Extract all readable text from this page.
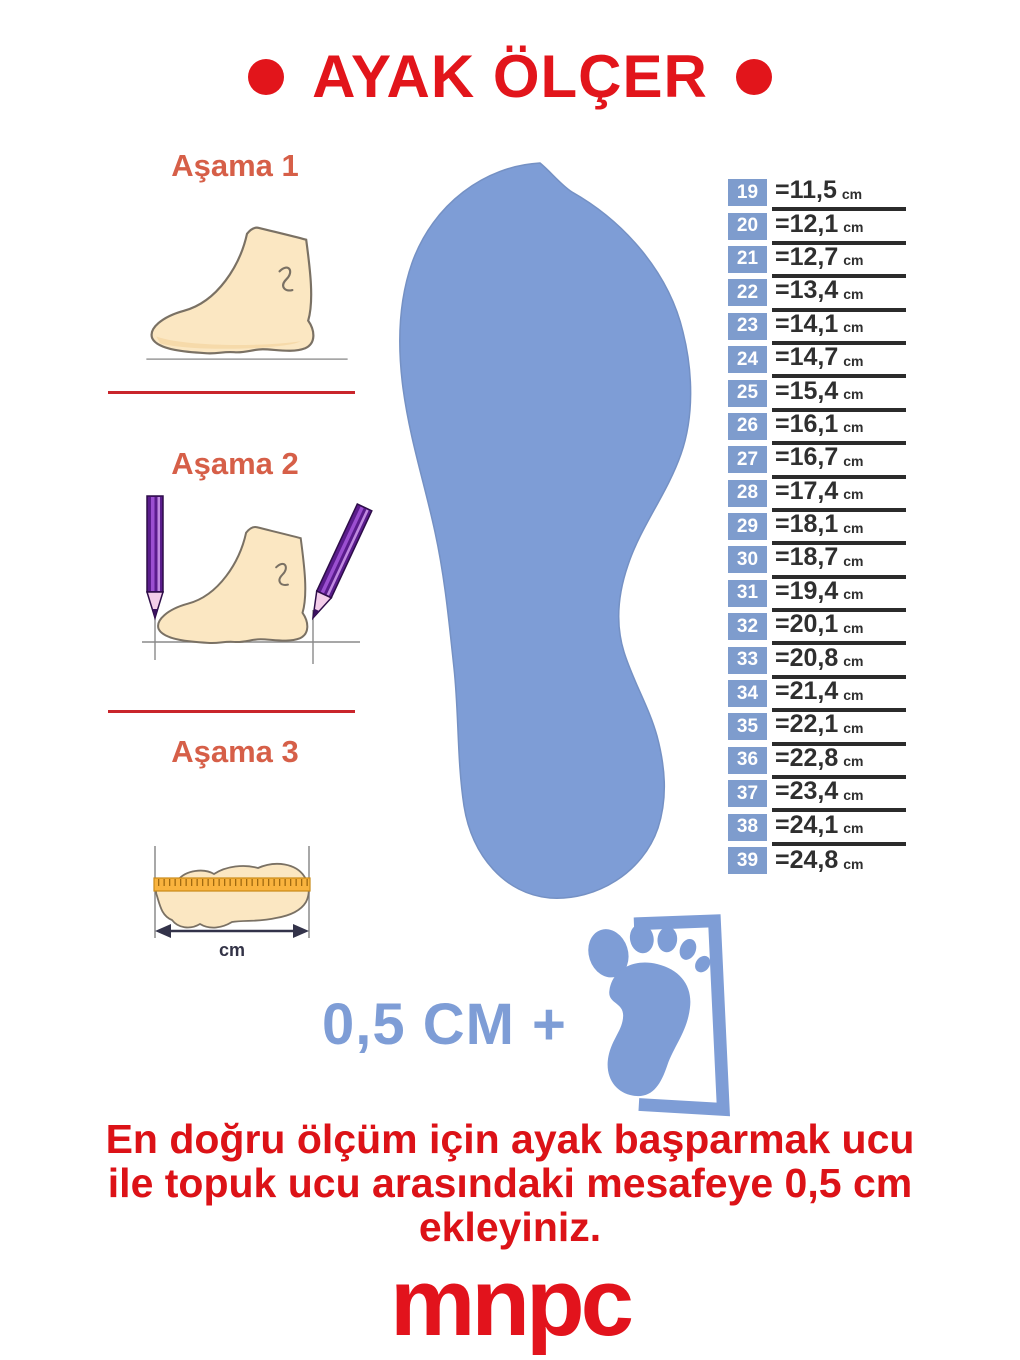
AYAK ÖLÇER
Aşama 1
Aşama 2
Aşama 3
cm
19 =11,5 cm
20 =12,1 cm
21 =12,7 cm
22 =13,4 cm
23 =14,1 cm
24 =14,7 cm
25 =15,4 cm
26 =16,1 cm
27 =16,7 cm
28 =17,4 cm
29 =18,1 cm
30 =18,7 cm
31 =19,4 cm
32 =20,1 cm
33 =20,8 cm
34 =21,4 cm
35 =22,1 cm
36 =22,8 cm
37 =23,4 cm
38 =24,1 cm
39 =24,8 cm
0,5 CM +
En doğru ölçüm için ayak başparmak ucu
ile topuk ucu arasındaki mesafeye 0,5 cm
ekleyiniz.
mnpc
